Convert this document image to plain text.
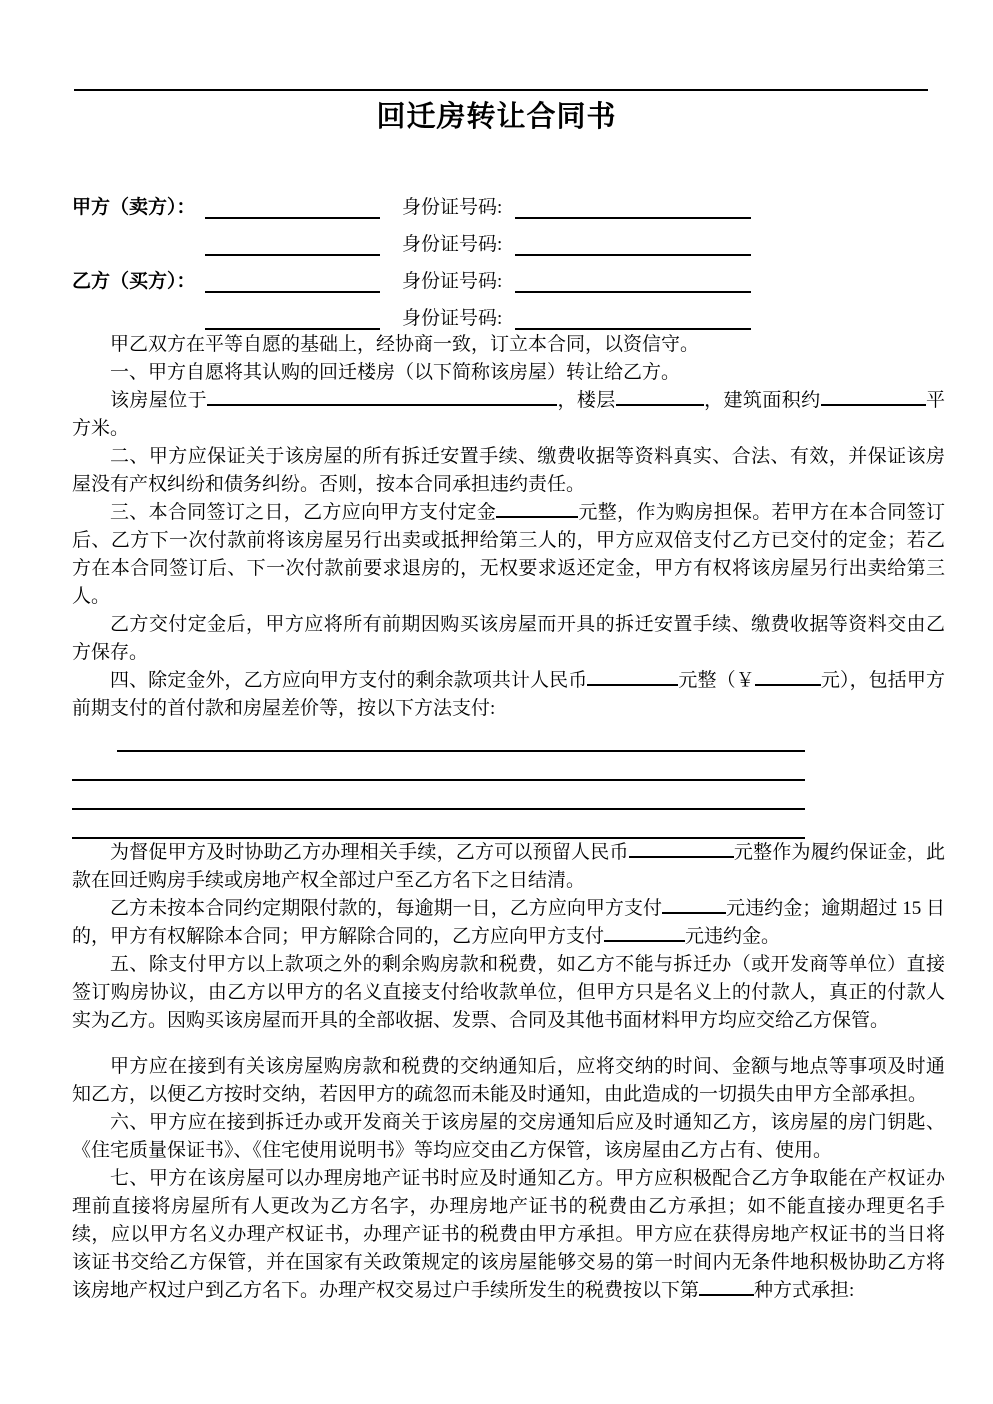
回迁房转让合同书
甲方（卖方）：	身份证号码:
身份证号码:
乙方（买方）：	身份证号码:
身份证号码:

甲乙双方在平等自愿的基础上，经协商一致，订立本合同，以资信守。

一、甲方自愿将其认购的回迁楼房（以下简称该房屋）转让给乙方。

该房屋位于	，楼层	，建筑面积约	平方米。

二、甲方应保证关于该房屋的所有拆迁安置手续、缴费收据等资料真实、合法、有效，并保证该房屋没有产权纠纷和债务纠纷。否则，按本合同承担违约责任。

三、本合同签订之日，乙方应向甲方支付定金	元整，作为购房担保。若甲方在本合同签订后、乙方下一次付款前将该房屋另行出卖或抵押给第三人的，甲方应双倍支付乙方已交付的定金；若乙方在本合同签订后、下一次付款前要求退房的，无权要求返还定金，甲方有权将该房屋另行出卖给第三人。

乙方交付定金后，甲方应将所有前期因购买该房屋而开具的拆迁安置手续、缴费收据等资料交由乙方保存。

四、除定金外，乙方应向甲方支付的剩余款项共计人民币	元整（￥	元），包括甲方前期支付的首付款和房屋差价等，按以下方法支付:

为督促甲方及时协助乙方办理相关手续，乙方可以预留人民币	元整作为履约保证金，此款在回迁购房手续或房地产权全部过户至乙方名下之日结清。

乙方未按本合同约定期限付款的，每逾期一日，乙方应向甲方支付	元违约金；逾期超过 15 日的，甲方有权解除本合同；甲方解除合同的，乙方应向甲方支付	元违约金。

五、除支付甲方以上款项之外的剩余购房款和税费，如乙方不能与拆迁办（或开发商等单位）直接签订购房协议，由乙方以甲方的名义直接支付给收款单位，但甲方只是名义上的付款人，真正的付款人实为乙方。因购买该房屋而开具的全部收据、发票、合同及其他书面材料甲方均应交给乙方保管。

甲方应在接到有关该房屋购房款和税费的交纳通知后，应将交纳的时间、金额与地点等事项及时通知乙方，以便乙方按时交纳，若因甲方的疏忽而未能及时通知，由此造成的一切损失由甲方全部承担。

六、甲方应在接到拆迁办或开发商关于该房屋的交房通知后应及时通知乙方，该房屋的房门钥匙、《住宅质量保证书》、《住宅使用说明书》等均应交由乙方保管，该房屋由乙方占有、使用。

七、甲方在该房屋可以办理房地产证书时应及时通知乙方。甲方应积极配合乙方争取能在产权证办理前直接将房屋所有人更改为乙方名字，办理房地产证书的税费由乙方承担；如不能直接办理更名手续，应以甲方名义办理产权证书，办理产证书的税费由甲方承担。甲方应在获得房地产权证书的当日将该证书交给乙方保管，并在国家有关政策规定的该房屋能够交易的第一时间内无条件地积极协助乙方将该房地产权过户到乙方名下。办理产权交易过户手续所发生的税费按以下第	种方式承担:
